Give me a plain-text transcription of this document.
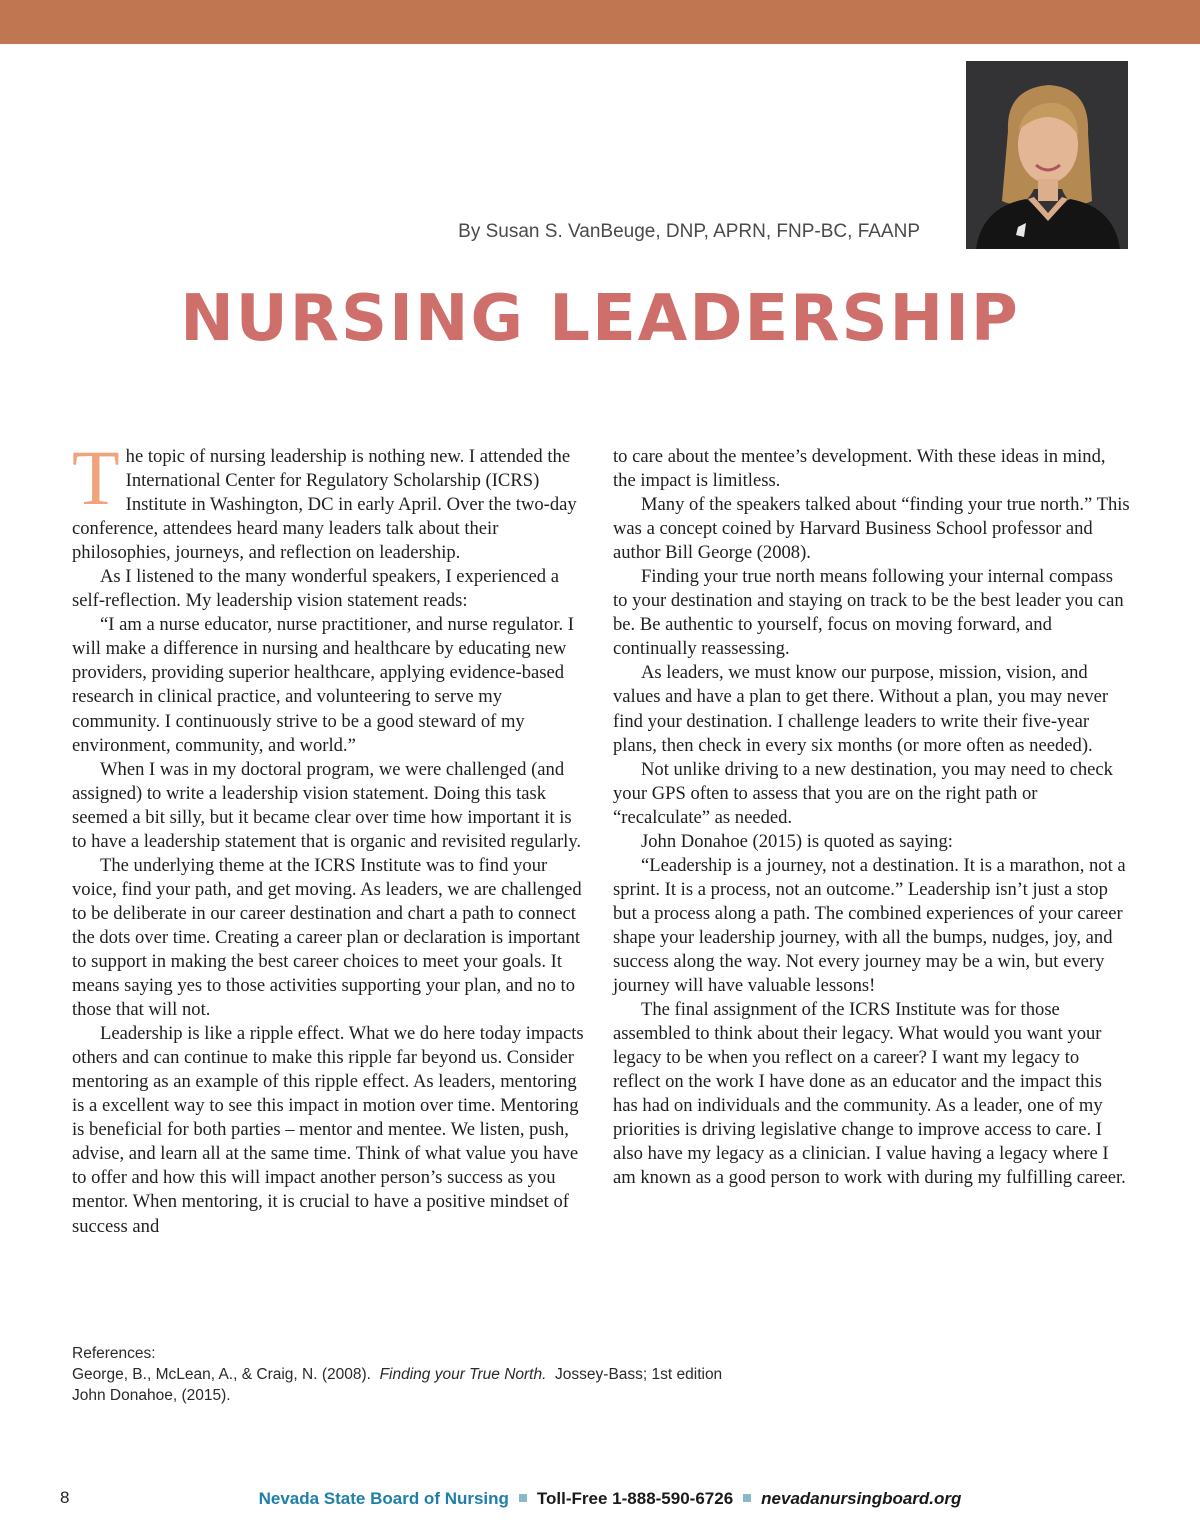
By Susan S. VanBeuge, DNP, APRN, FNP-BC, FAANP
NURSING LEADERSHIP

The topic of nursing leadership is nothing new. I attended the International Center for Regulatory Scholarship (ICRS) Institute in Washington, DC in early April. Over the two-day conference, attendees heard many leaders talk about their philosophies, journeys, and reflection on leadership.

As I listened to the many wonderful speakers, I experienced a self-reflection. My leadership vision statement reads:

“I am a nurse educator, nurse practitioner, and nurse regulator. I will make a difference in nursing and healthcare by educating new providers, providing superior healthcare, applying evidence-based research in clinical practice, and volunteering to serve my community. I continuously strive to be a good steward of my environment, community, and world.”

When I was in my doctoral program, we were challenged (and assigned) to write a leadership vision statement. Doing this task seemed a bit silly, but it became clear over time how important it is to have a leadership statement that is organic and revisited regularly.

The underlying theme at the ICRS Institute was to find your voice, find your path, and get moving. As leaders, we are challenged to be deliberate in our career destination and chart a path to connect the dots over time. Creating a career plan or declaration is important to support in making the best career choices to meet your goals. It means saying yes to those activities supporting your plan, and no to those that will not.

Leadership is like a ripple effect. What we do here today impacts others and can continue to make this ripple far beyond us. Consider mentoring as an example of this ripple effect. As leaders, mentoring is a excellent way to see this impact in motion over time. Mentoring is beneficial for both parties – mentor and mentee. We listen, push, advise, and learn all at the same time. Think of what value you have to offer and how this will impact another person’s success as you mentor. When mentoring, it is crucial to have a positive mindset of success and

to care about the mentee’s development. With these ideas in mind, the impact is limitless.

Many of the speakers talked about “finding your true north.” This was a concept coined by Harvard Business School professor and author Bill George (2008).

Finding your true north means following your internal compass to your destination and staying on track to be the best leader you can be. Be authentic to yourself, focus on moving forward, and continually reassessing.

As leaders, we must know our purpose, mission, vision, and values and have a plan to get there. Without a plan, you may never find your destination. I challenge leaders to write their five-year plans, then check in every six months (or more often as needed).

Not unlike driving to a new destination, you may need to check your GPS often to assess that you are on the right path or “recalculate” as needed.

John Donahoe (2015) is quoted as saying:

“Leadership is a journey, not a destination. It is a marathon, not a sprint. It is a process, not an outcome.” Leadership isn’t just a stop but a process along a path. The combined experiences of your career shape your leadership journey, with all the bumps, nudges, joy, and success along the way. Not every journey may be a win, but every journey will have valuable lessons!

The final assignment of the ICRS Institute was for those assembled to think about their legacy. What would you want your legacy to be when you reflect on a career? I want my legacy to reflect on the work I have done as an educator and the impact this has had on individuals and the community. As a leader, one of my priorities is driving legislative change to improve access to care. I also have my legacy as a clinician. I value having a legacy where I am known as a good person to work with during my fulfilling career.

References:
George, B., McLean, A., & Craig, N. (2008). Finding your True North. Jossey-Bass; 1st edition
John Donahoe, (2015).
8	Nevada State Board of Nursing Toll-Free 1-888-590-6726 nevadanursingboard.org
